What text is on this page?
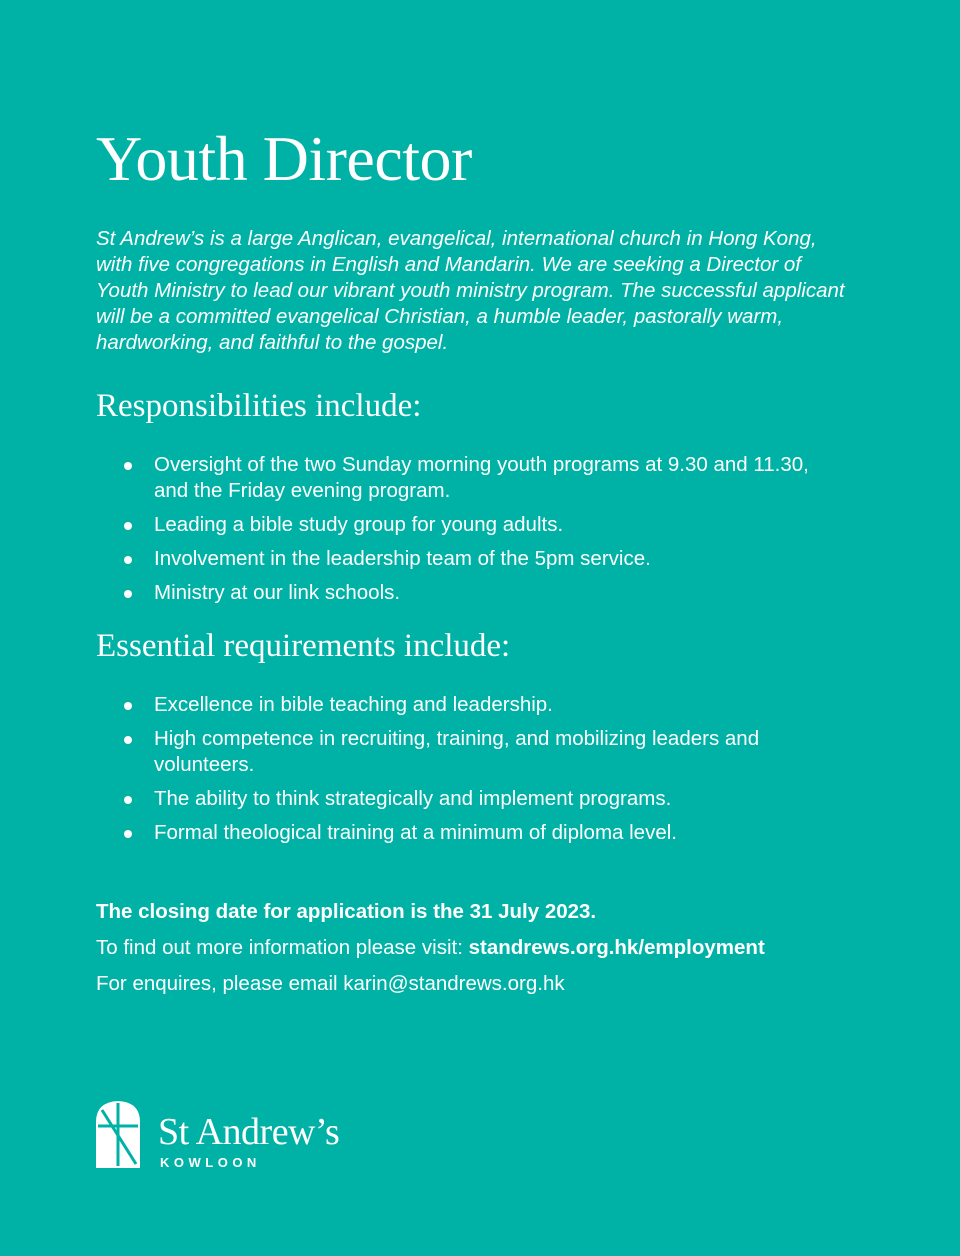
Youth Director

St Andrew’s is a large Anglican, evangelical, international church in Hong Kong, with five congregations in English and Mandarin. We are seeking a Director of Youth Ministry to lead our vibrant youth ministry program. The successful applicant will be a committed evangelical Christian, a humble leader, pastorally warm, hardworking, and faithful to the gospel.

Responsibilities include:
Oversight of the two Sunday morning youth programs at 9.30 and 11.30, and the Friday evening program.
Leading a bible study group for young adults.
Involvement in the leadership team of the 5pm service.
Ministry at our link schools.
Essential requirements include:
Excellence in bible teaching and leadership.
High competence in recruiting, training, and mobilizing leaders and volunteers.
The ability to think strategically and implement programs.
Formal theological training at a minimum of diploma level.
The closing date for application is the 31 July 2023.
To find out more information please visit: standrews.org.hk/employment
For enquires, please email karin@standrews.org.hk
St Andrew’s
KOWLOON
